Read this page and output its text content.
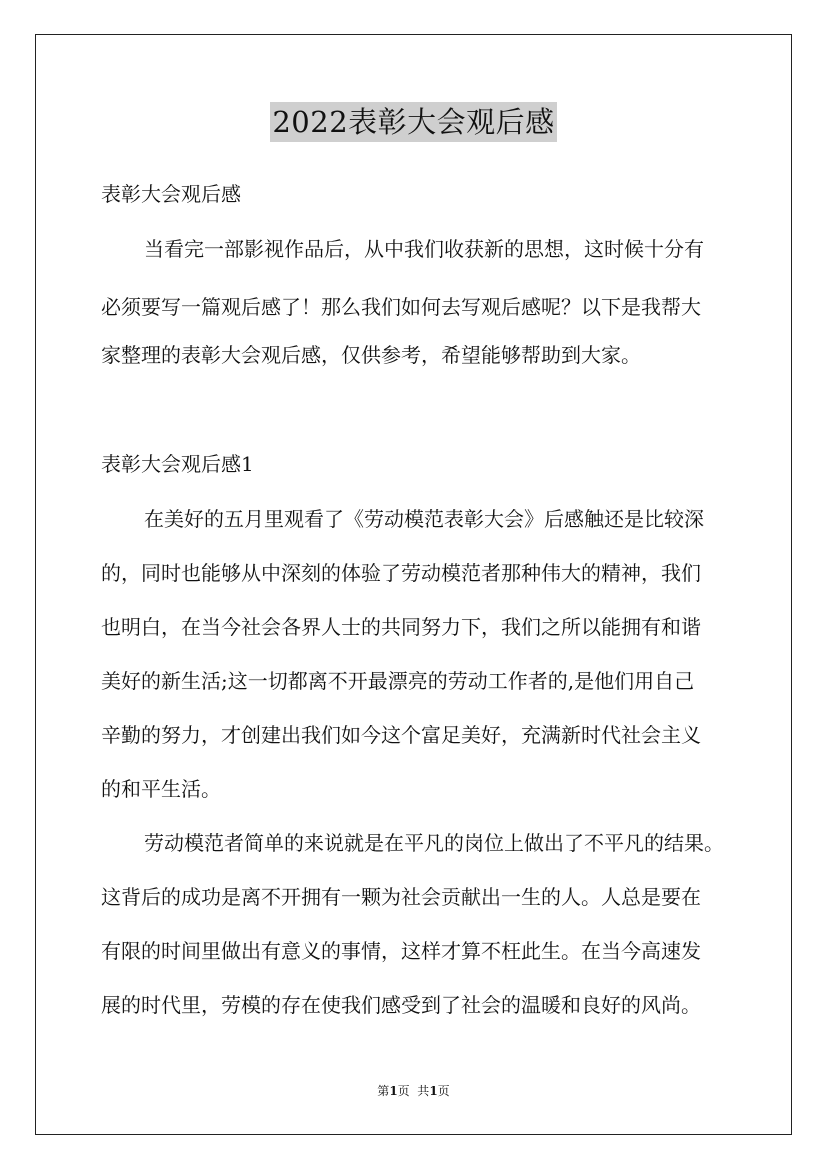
2022表彰大会观后感
表彰大会观后感
当看完一部影视作品后，从中我们收获新的思想，这时候十分有
必须要写一篇观后感了！那么我们如何去写观后感呢？以下是我帮大
家整理的表彰大会观后感，仅供参考，希望能够帮助到大家。
表彰大会观后感1
在美好的五月里观看了《劳动模范表彰大会》后感触还是比较深
的，同时也能够从中深刻的体验了劳动模范者那种伟大的精神，我们
也明白，在当今社会各界人士的共同努力下，我们之所以能拥有和谐
美好的新生活;这一切都离不开最漂亮的劳动工作者的,是他们用自己
辛勤的努力，才创建出我们如今这个富足美好，充满新时代社会主义
的和平生活。
劳动模范者简单的来说就是在平凡的岗位上做出了不平凡的结果。
这背后的成功是离不开拥有一颗为社会贡献出一生的人。人总是要在
有限的时间里做出有意义的事情，这样才算不枉此生。在当今高速发
展的时代里，劳模的存在使我们感受到了社会的温暖和良好的风尚。
第1页  共1页
